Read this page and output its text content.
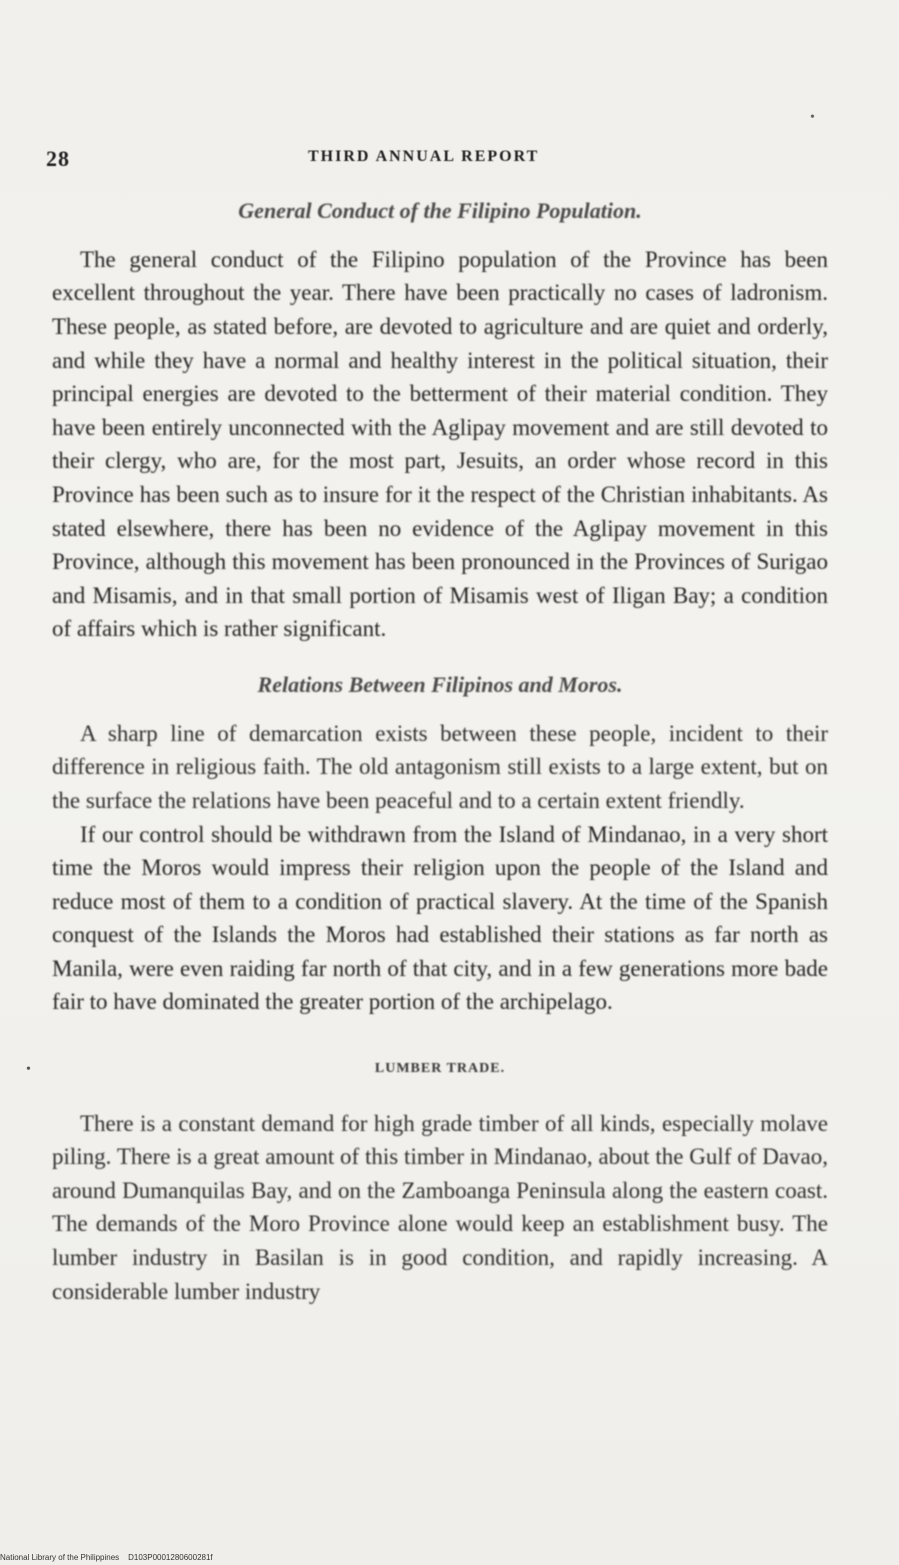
•
•
28	THIRD ANNUAL REPORT
General Conduct of the Filipino Population.

The general conduct of the Filipino population of the Province has been excellent throughout the year. There have been practically no cases of ladronism. These people, as stated before, are devoted to agriculture and are quiet and orderly, and while they have a normal and healthy interest in the political situation, their principal energies are devoted to the betterment of their material condition. They have been entirely unconnected with the Aglipay movement and are still devoted to their clergy, who are, for the most part, Jesuits, an order whose record in this Province has been such as to insure for it the respect of the Christian inhabitants. As stated elsewhere, there has been no evidence of the Aglipay movement in this Province, although this movement has been pronounced in the Provinces of Surigao and Misamis, and in that small portion of Misamis west of Iligan Bay; a condition of affairs which is rather significant.

Relations Between Filipinos and Moros.

A sharp line of demarcation exists between these people, incident to their difference in religious faith. The old antagonism still exists to a large extent, but on the surface the relations have been peaceful and to a certain extent friendly.

If our control should be withdrawn from the Island of Mindanao, in a very short time the Moros would impress their religion upon the people of the Island and reduce most of them to a condition of practical slavery. At the time of the Spanish conquest of the Islands the Moros had established their stations as far north as Manila, were even raiding far north of that city, and in a few generations more bade fair to have dominated the greater portion of the archipelago.

LUMBER TRADE.

There is a constant demand for high grade timber of all kinds, especially molave piling. There is a great amount of this timber in Mindanao, about the Gulf of Davao, around Dumanquilas Bay, and on the Zamboanga Peninsula along the eastern coast. The demands of the Moro Province alone would keep an establishment busy. The lumber industry in Basilan is in good condition, and rapidly increasing. A considerable lumber industry

National Library of the Philippines D103P0001280600281f
